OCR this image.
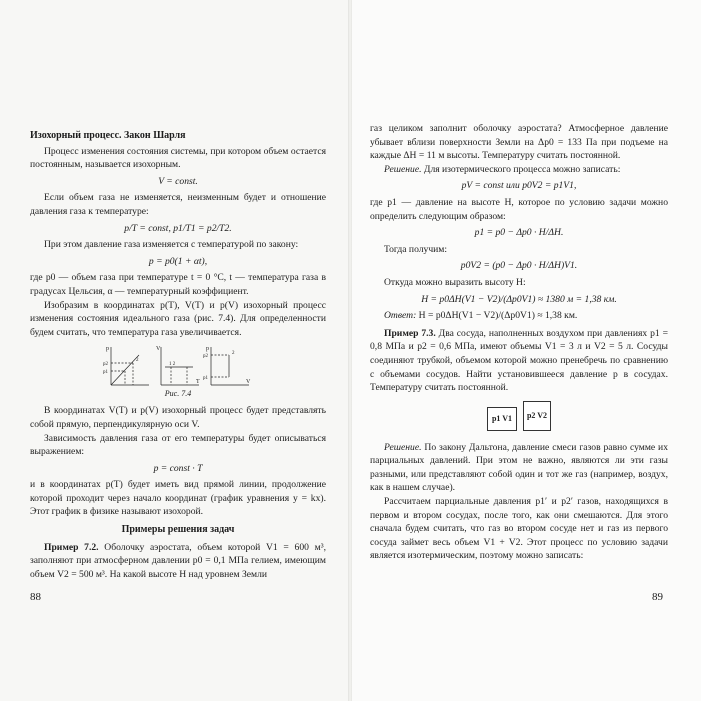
Изохорный процесс. Закон Шарля

Процесс изменения состояния системы, при котором объем остается постоянным, называется изохорным.

V = const.

Если объем газа не изменяется, неизменным будет и отношение давления газа к температуре:

p/T = const, p1/T1 = p2/T2.

При этом давление газа изменяется с температурой по закону:

p = p0(1 + αt),

где p0 — объем газа при температуре t = 0 °C, t — температура газа в градусах Цельсия, α — температурный коэффициент.

Изобразим в координатах p(T), V(T) и p(V) изохорный процесс изменения состояния идеального газа (рис. 7.4). Для определенности будем считать, что температура газа увеличивается.

p
p2
p1
2
V
T
1 2
p
V
p2
p1
2

Рис. 7.4

В координатах V(T) и p(V) изохорный процесс будет представлять собой прямую, перпендикулярную оси V.

Зависимость давления газа от его температуры будет описываться выражением:

p = const · T

и в координатах p(T) будет иметь вид прямой линии, продолжение которой проходит через начало координат (график уравнения y = kx). Этот график в физике называют изохорой.

Примеры решения задач

Пример 7.2. Оболочку аэростата, объем которой V1 = 600 м³, заполняют при атмосферном давлении p0 = 0,1 МПа гелием, имеющим объем V2 = 500 м³. На какой высоте H над уровнем Земли

88

газ целиком заполнит оболочку аэростата? Атмосферное давление убывает вблизи поверхности Земли на Δp0 = 133 Па при подъеме на каждые ΔH = 11 м высоты. Температуру считать постоянной.

Решение. Для изотермического процесса можно записать:

pV = const или p0V2 = p1V1,

где p1 — давление на высоте H, которое по условию задачи можно определить следующим образом:

p1 = p0 − Δp0 · H/ΔH.

Тогда получим:

p0V2 = (p0 − Δp0 · H/ΔH)V1.

Откуда можно выразить высоту H:

H = p0ΔH(V1 − V2)/(Δp0V1) ≈ 1380 м = 1,38 км.

Ответ: H = p0ΔH(V1 − V2)/(Δp0V1) ≈ 1,38 км.

Пример 7.3. Два сосуда, наполненных воздухом при давлениях p1 = 0,8 МПа и p2 = 0,6 МПа, имеют объемы V1 = 3 л и V2 = 5 л. Сосуды соединяют трубкой, объемом которой можно пренебречь по сравнению с объемами сосудов. Найти установившееся давление p в сосудах. Температуру считать постоянной.

p1 V1	p2 V2

Решение. По закону Дальтона, давление смеси газов равно сумме их парциальных давлений. При этом не важно, являются ли эти газы разными, или представляют собой один и тот же газ (например, воздух, как в нашем случае).

Рассчитаем парциальные давления p1′ и p2′ газов, находящихся в первом и втором сосудах, после того, как они смешаются. Для этого сначала будем считать, что газ во втором сосуде нет и газ из первого сосуда займет весь объем V1 + V2. Этот процесс по условию задачи является изотермическим, поэтому можно записать:

89
